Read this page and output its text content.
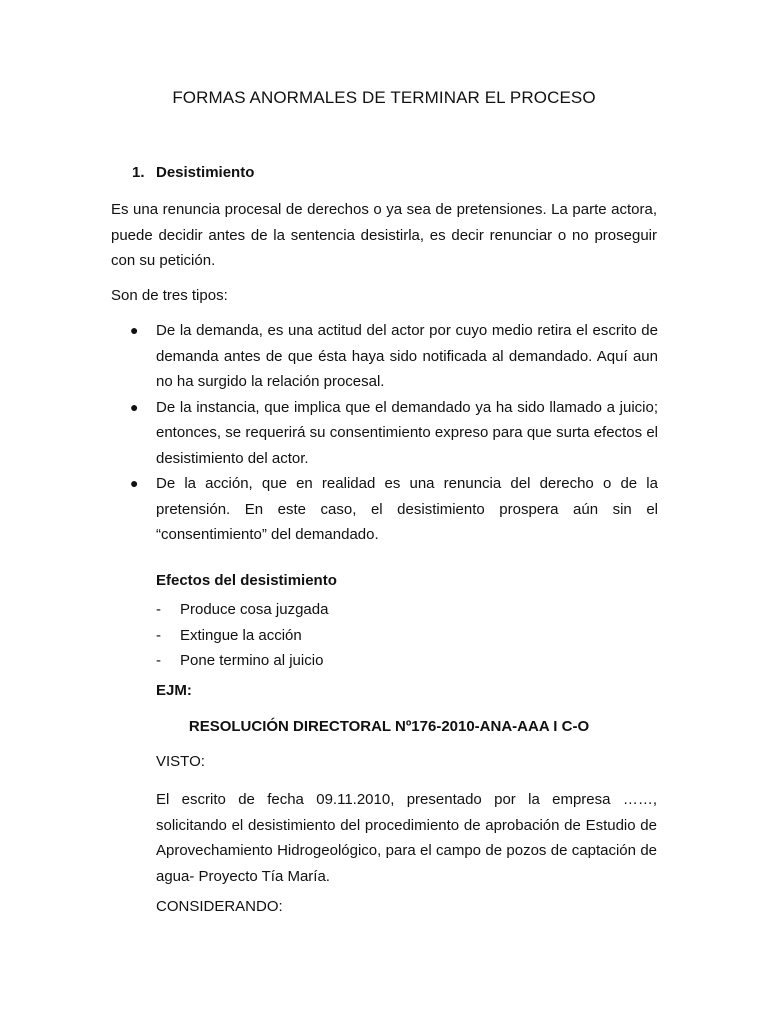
FORMAS ANORMALES DE TERMINAR EL PROCESO
1. Desistimiento
Es una renuncia procesal de derechos o ya sea de pretensiones. La parte actora, puede decidir antes de la sentencia desistirla, es decir renunciar o no proseguir con su petición.
Son de tres tipos:
● De la demanda, es una actitud del actor por cuyo medio retira el escrito de demanda antes de que ésta haya sido notificada al demandado. Aquí aun no ha surgido la relación procesal.
● De la instancia, que implica que el demandado ya ha sido llamado a juicio; entonces, se requerirá su consentimiento expreso para que surta efectos el desistimiento del actor.
● De la acción, que en realidad es una renuncia del derecho o de la pretensión. En este caso, el desistimiento prospera aún sin el “consentimiento” del demandado.
Efectos del desistimiento
- Produce cosa juzgada
- Extingue la acción
- Pone termino al juicio
EJM:
RESOLUCIÓN DIRECTORAL Nº176-2010-ANA-AAA I C-O
VISTO:
El escrito de fecha 09.11.2010, presentado por la empresa ……, solicitando el desistimiento del procedimiento de aprobación de Estudio de Aprovechamiento Hidrogeológico, para el campo de pozos de captación de agua- Proyecto Tía María.
CONSIDERANDO:
